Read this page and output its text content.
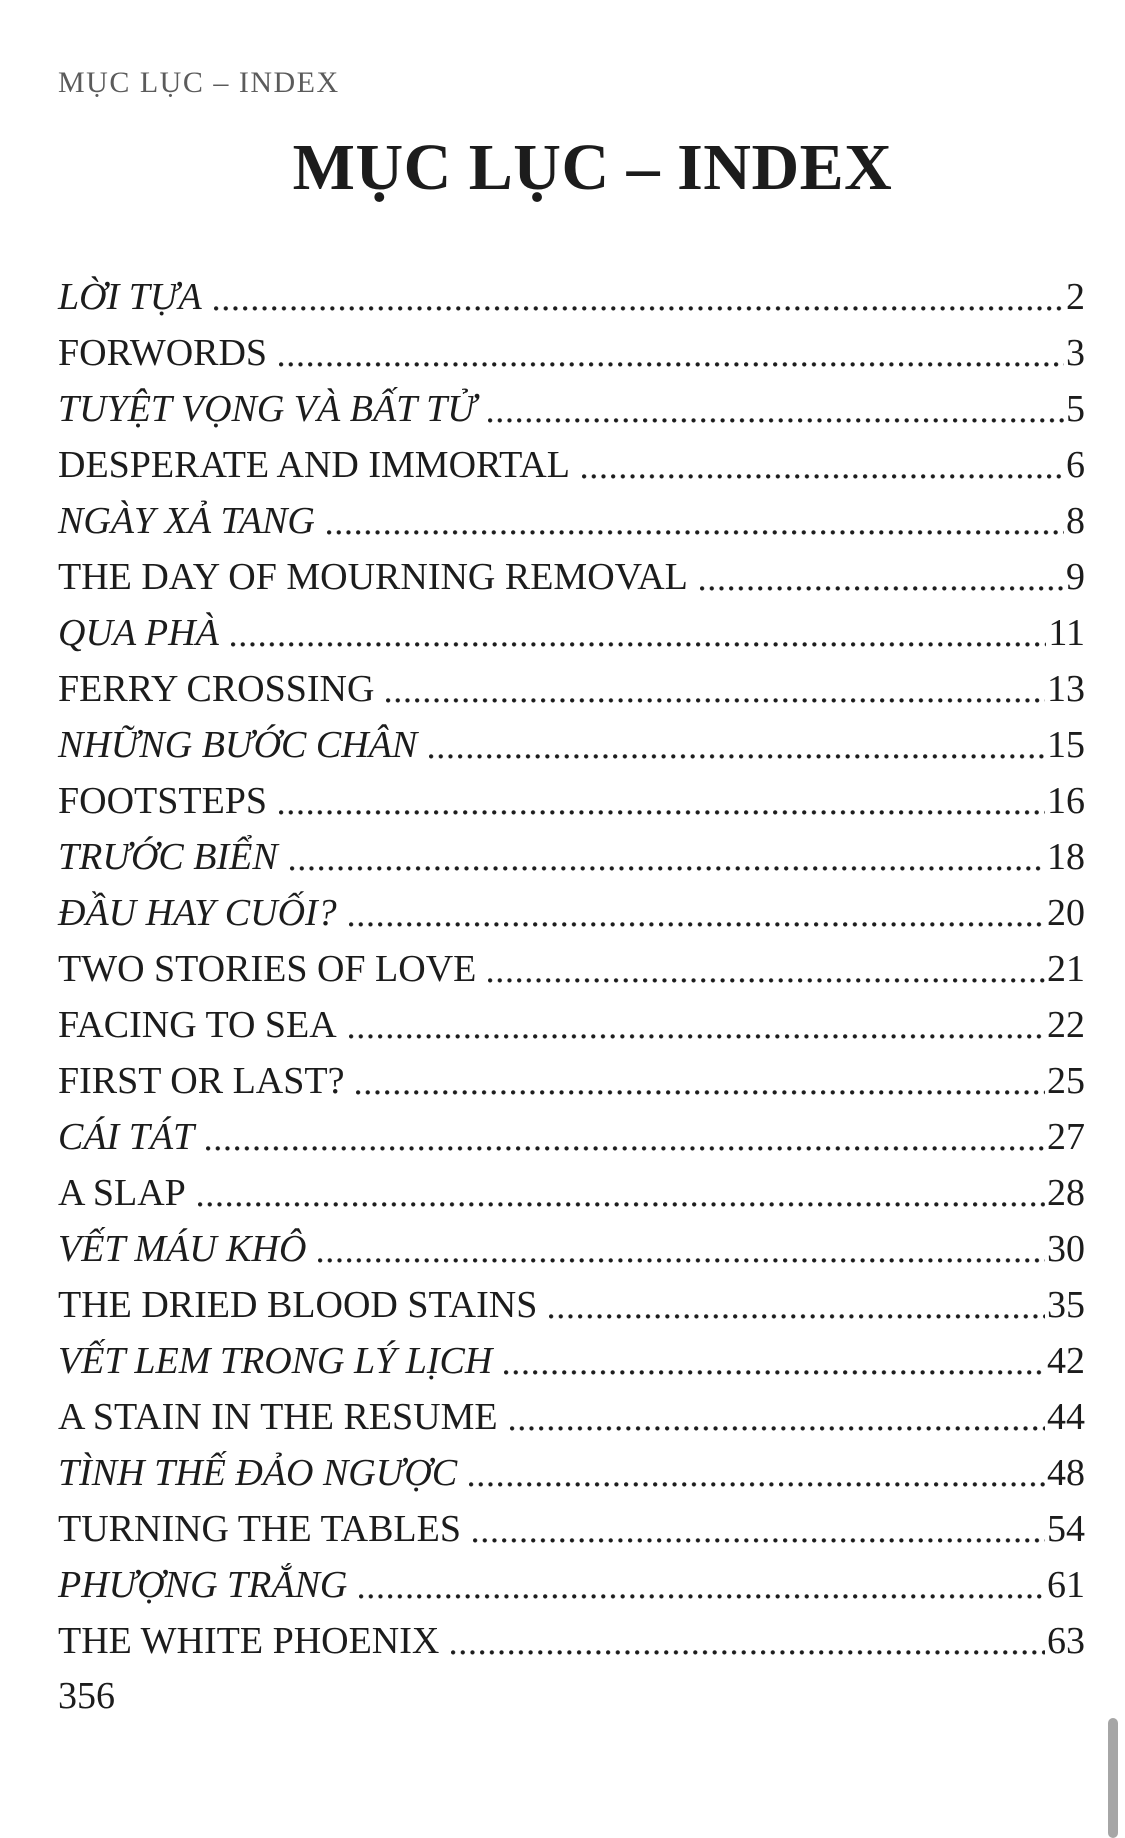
MỤC LỤC – INDEX
MỤC LỤC – INDEX
LỜI TỰA	2
FORWORDS	3
TUYỆT VỌNG VÀ BẤT TỬ	5
DESPERATE AND IMMORTAL	6
NGÀY XẢ TANG	8
THE DAY OF MOURNING REMOVAL	9
QUA PHÀ	11
FERRY CROSSING	13
NHỮNG BƯỚC CHÂN	15
FOOTSTEPS	16
TRƯỚC BIỂN	18
ĐẦU HAY CUỐI?	20
TWO STORIES OF LOVE	21
FACING TO SEA	22
FIRST OR LAST?	25
CÁI TÁT	27
A SLAP	28
VẾT MÁU KHÔ	30
THE DRIED BLOOD STAINS	35
VẾT LEM TRONG LÝ LỊCH	42
A STAIN IN THE RESUME	44
TÌNH THẾ ĐẢO NGƯỢC	48
TURNING THE TABLES	54
PHƯỢNG TRẮNG	61
THE WHITE PHOENIX	63
356
